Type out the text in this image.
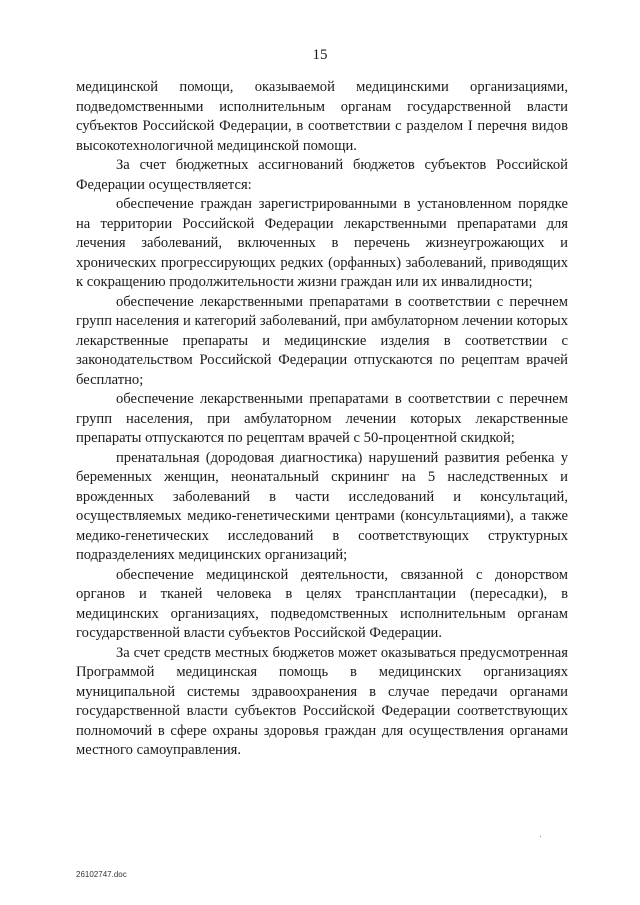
15

медицинской помощи, оказываемой медицинскими организациями, подведомственными исполнительным органам государственной власти субъектов Российской Федерации, в соответствии с разделом I перечня видов высокотехнологичной медицинской помощи.

За счет бюджетных ассигнований бюджетов субъектов Российской Федерации осуществляется:

обеспечение граждан зарегистрированными в установленном порядке на территории Российской Федерации лекарственными препаратами для лечения заболеваний, включенных в перечень жизнеугрожающих и хронических прогрессирующих редких (орфанных) заболеваний, приводящих к сокращению продолжительности жизни граждан или их инвалидности;

обеспечение лекарственными препаратами в соответствии с перечнем групп населения и категорий заболеваний, при амбулаторном лечении которых лекарственные препараты и медицинские изделия в соответствии с законодательством Российской Федерации отпускаются по рецептам врачей бесплатно;

обеспечение лекарственными препаратами в соответствии с перечнем групп населения, при амбулаторном лечении которых лекарственные препараты отпускаются по рецептам врачей с 50-процентной скидкой;

пренатальная (дородовая диагностика) нарушений развития ребенка у беременных женщин, неонатальный скрининг на 5 наследственных и врожденных заболеваний в части исследований и консультаций, осуществляемых медико-генетическими центрами (консультациями), а также медико-генетических исследований в соответствующих структурных подразделениях медицинских организаций;

обеспечение медицинской деятельности, связанной с донорством органов и тканей человека в целях трансплантации (пересадки), в медицинских организациях, подведомственных исполнительным органам государственной власти субъектов Российской Федерации.

За счет средств местных бюджетов может оказываться предусмотренная Программой медицинская помощь в медицинских организациях муниципальной системы здравоохранения в случае передачи органами государственной власти субъектов Российской Федерации соответствующих полномочий в сфере охраны здоровья граждан для осуществления органами местного самоуправления.

26102747.doc
